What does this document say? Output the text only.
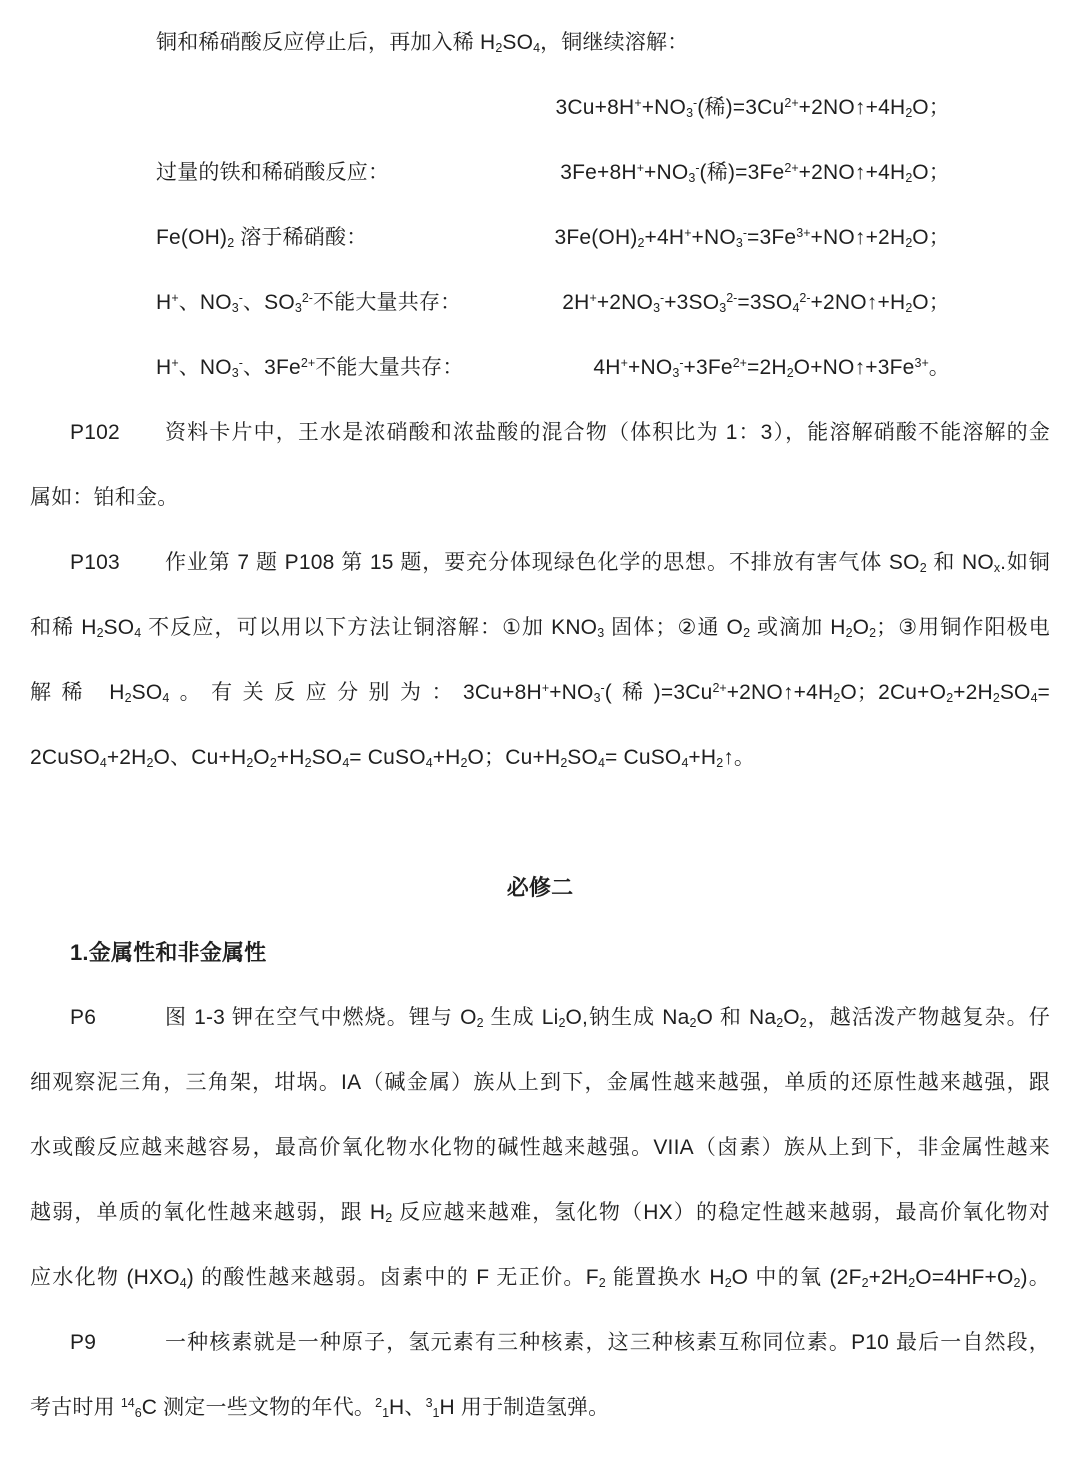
铜和稀硝酸反应停止后，再加入稀 $H_2SO_4$，铜继续溶解：
$3Cu+8H^++NO_3^-$(稀)$=3Cu^{2+}+2NO↑+4H_2O$；
过量的铁和稀硝酸反应：	$3Fe+8H^++NO_3^-$(稀)$=3Fe^{2+}+2NO↑+4H_2O$；
$Fe(OH)_2$ 溶于稀硝酸：	$3Fe(OH)_2+4H^++NO_3^-=3Fe^{3+}+NO↑+2H_2O$；
H+、$NO_3^-$、$SO_3^{2-}$不能大量共存：	$2H^++2NO_3^-+3SO_3^{2-}=3SO_4^{2-}+2NO↑+H_2O$；
H+、$NO_3^-$、$3Fe^{2+}$不能大量共存：	$4H^++NO_3^-+3Fe^{2+}=2H_2O+NO↑+3Fe^{3+}$。
P102	资料卡片中，王水是浓硝酸和浓盐酸的混合物（体积比为 1：3），能溶解硝酸不能溶解的金
属如：铂和金。
P103	作业第 7 题 P108 第 15 题，要充分体现绿色化学的思想。不排放有害气体 $SO_2$ 和 $NO_x$.如铜
和稀 $H_2SO_4$ 不反应，可以用以下方法让铜溶解：①加 $KNO_3$ 固体；②通 $O_2$ 或滴加 $H_2O_2$；③用铜作阳极电
解稀 $H_2SO_4$。有关反应分别为：$3Cu+8H^++NO_3^-$(稀)$=3Cu^{2+}+2NO↑+4H_2O$；$2Cu+O_2+2H_2SO_4=$
$2CuSO_4+2H_2O$、$Cu+H_2O_2+H_2SO_4=$ $CuSO_4+H_2O$；$Cu+H_2SO_4=$ $CuSO_4+H_2↑$。
必修二
1.金属性和非金属性
P6	图 1-3 钾在空气中燃烧。锂与 $O_2$ 生成 $Li_2O$,钠生成 $Na_2O$ 和 $Na_2O_2$，越活泼产物越复杂。仔
细观察泥三角，三角架，坩埚。IA（碱金属）族从上到下，金属性越来越强，单质的还原性越来越强，跟
水或酸反应越来越容易，最高价氧化物水化物的碱性越来越强。VIIA（卤素）族从上到下，非金属性越来
越弱，单质的氧化性越来越弱，跟 $H_2$ 反应越来越难，氢化物（HX）的稳定性越来越弱，最高价氧化物对
应水化物 $(HXO_4)$ 的酸性越来越弱。卤素中的 F 无正价。$F_2$ 能置换水 $H_2O$ 中的氧 $(2F_2+2H_2O=4HF+O_2)$。
P9	一种核素就是一种原子，氢元素有三种核素，这三种核素互称同位素。P10 最后一自然段，
考古时用 $^{14}_6$C 测定一些文物的年代。$^2_1$H、$^3_1$H 用于制造氢弹。
